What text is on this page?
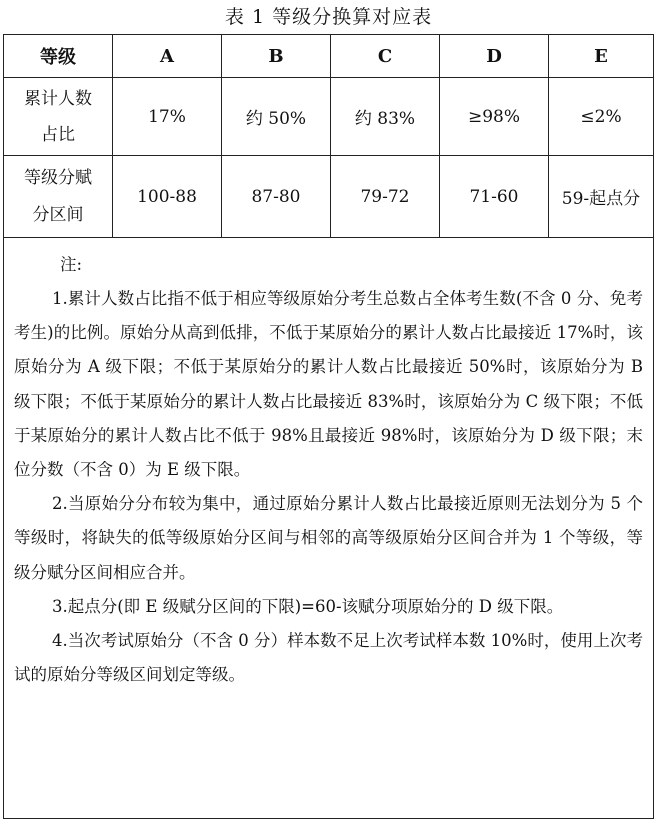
表 1 等级分换算对应表
等级	A	B	C	D	E

累计人数
占比	17%	约 50%	约 83%	≥98%	≤2%

等级分赋
分区间	100-88	87-80	79-72	71-60	59-起点分

注:
1.累计人数占比指不低于相应等级原始分考生总数占全体考生数(不含 0 分、免考考生)的比例。原始分从高到低排，不低于某原始分的累计人数占比最接近 17%时，该原始分为 A 级下限；不低于某原始分的累计人数占比最接近 50%时，该原始分为 B 级下限；不低于某原始分的累计人数占比最接近 83%时，该原始分为 C 级下限；不低于某原始分的累计人数占比不低于 98%且最接近 98%时，该原始分为 D 级下限；末位分数（不含 0）为 E 级下限。
2.当原始分分布较为集中，通过原始分累计人数占比最接近原则无法划分为 5 个等级时，将缺失的低等级原始分区间与相邻的高等级原始分区间合并为 1 个等级，等级分赋分区间相应合并。
3.起点分(即 E 级赋分区间的下限)=60-该赋分项原始分的 D 级下限。
4.当次考试原始分（不含 0 分）样本数不足上次考试样本数 10%时，使用上次考试的原始分等级区间划定等级。					
